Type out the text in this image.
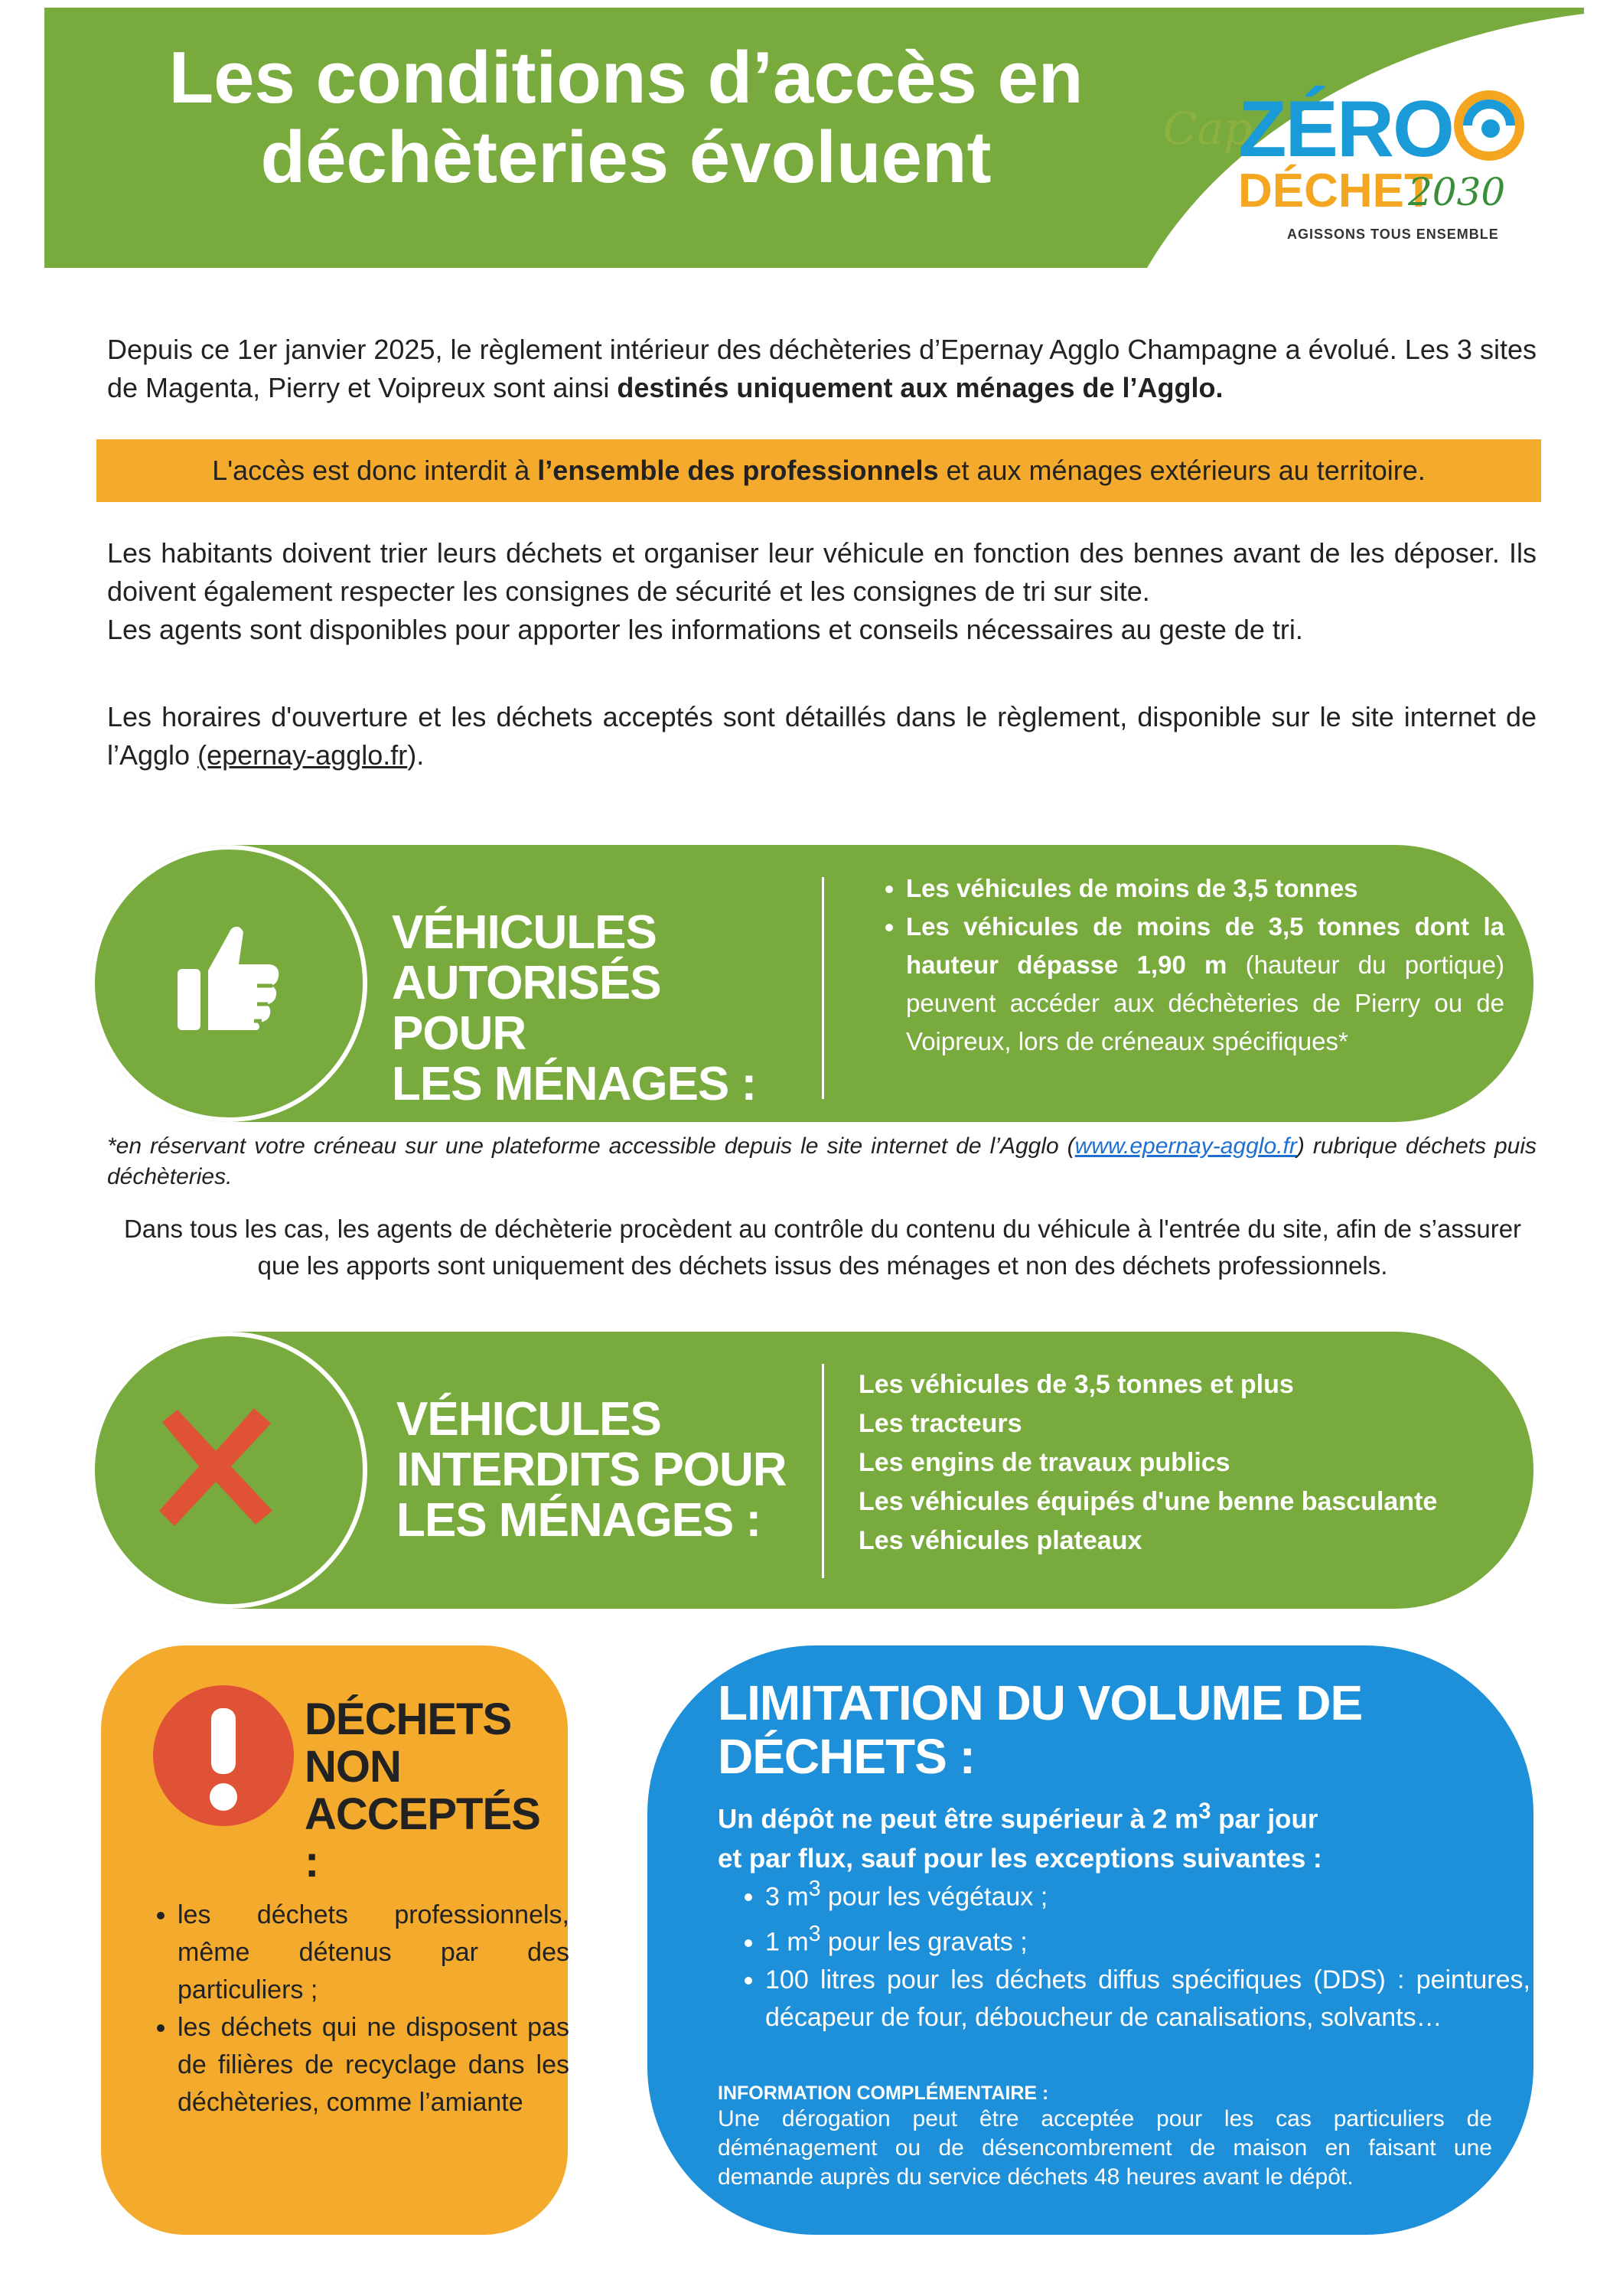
Les conditions d’accès en
déchèteries évoluent	Cap
ZÉRO
DÉCHET
2030
AGISSONS TOUS ENSEMBLE
Depuis ce 1er janvier 2025, le règlement intérieur des déchèteries d’Epernay Agglo Champagne a évolué. Les 3 sites de Magenta, Pierry et Voipreux sont ainsi destinés uniquement aux ménages de l’Agglo.
L'accès est donc interdit à l’ensemble des professionnels et aux ménages extérieurs au territoire.
Les habitants doivent trier leurs déchets et organiser leur véhicule en fonction des bennes avant de les déposer. Ils doivent également respecter les consignes de sécurité et les consignes de tri sur site.
Les agents sont disponibles pour apporter les informations et conseils nécessaires au geste de tri.
Les horaires d'ouverture et les déchets acceptés sont détaillés dans le règlement, disponible sur le site internet de l’Agglo (epernay-agglo.fr).
VÉHICULES
AUTORISÉS POUR
LES MÉNAGES :
• Les véhicules de moins de 3,5 tonnes
• Les véhicules de moins de 3,5 tonnes dont la hauteur dépasse 1,90 m (hauteur du portique) peuvent accéder aux déchèteries de Pierry ou de Voipreux, lors de créneaux spécifiques*
*en réservant votre créneau sur une plateforme accessible depuis le site internet de l’Agglo (www.epernay-agglo.fr) rubrique déchets puis déchèteries.
Dans tous les cas, les agents de déchèterie procèdent au contrôle du contenu du véhicule à l'entrée du site, afin de s’assurer que les apports sont uniquement des déchets issus des ménages et non des déchets professionnels.
VÉHICULES
INTERDITS POUR
LES MÉNAGES :
Les véhicules de 3,5 tonnes et plus
Les tracteurs
Les engins de travaux publics
Les véhicules équipés d'une benne basculante
Les véhicules plateaux
DÉCHETS
NON
ACCEPTÉS :
• les déchets professionnels, même détenus par des particuliers ;
• les déchets qui ne disposent pas de filières de recyclage dans les déchèteries, comme l’amiante
LIMITATION DU VOLUME DE
DÉCHETS :
Un dépôt ne peut être supérieur à 2 $m^3$ par jour
et par flux, sauf pour les exceptions suivantes :
• 3 $m^3$ pour les végétaux ;
• 1 $m^3$ pour les gravats ;
• 100 litres pour les déchets diffus spécifiques (DDS) : peintures, décapeur de four, déboucheur de canalisations, solvants…
INFORMATION COMPLÉMENTAIRE :
Une dérogation peut être acceptée pour les cas particuliers de déménagement ou de désencombrement de maison en faisant une demande auprès du service déchets 48 heures avant le dépôt.
